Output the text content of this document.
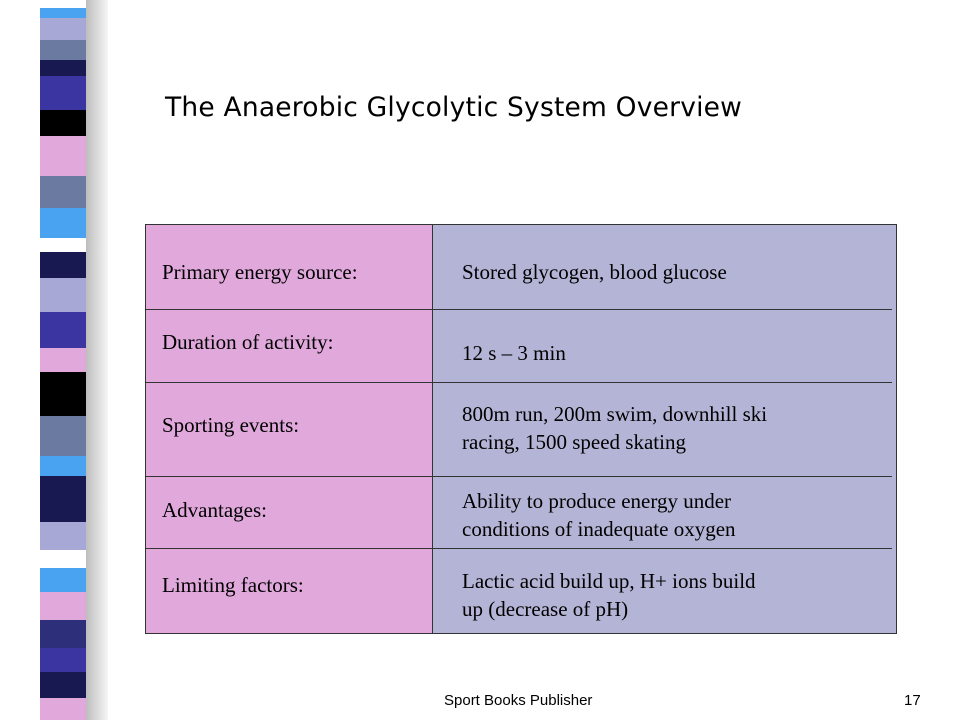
The Anaerobic Glycolytic System Overview
Primary energy source:	Stored glycogen, blood glucose
Duration of activity:	12 s – 3 min
Sporting events:	800m run, 200m swim, downhill ski
racing, 1500 speed skating
Advantages:	Ability to produce energy under
conditions of inadequate oxygen
Limiting factors:	Lactic acid build up, H+ ions build
up (decrease of pH)
Sport Books Publisher	17
